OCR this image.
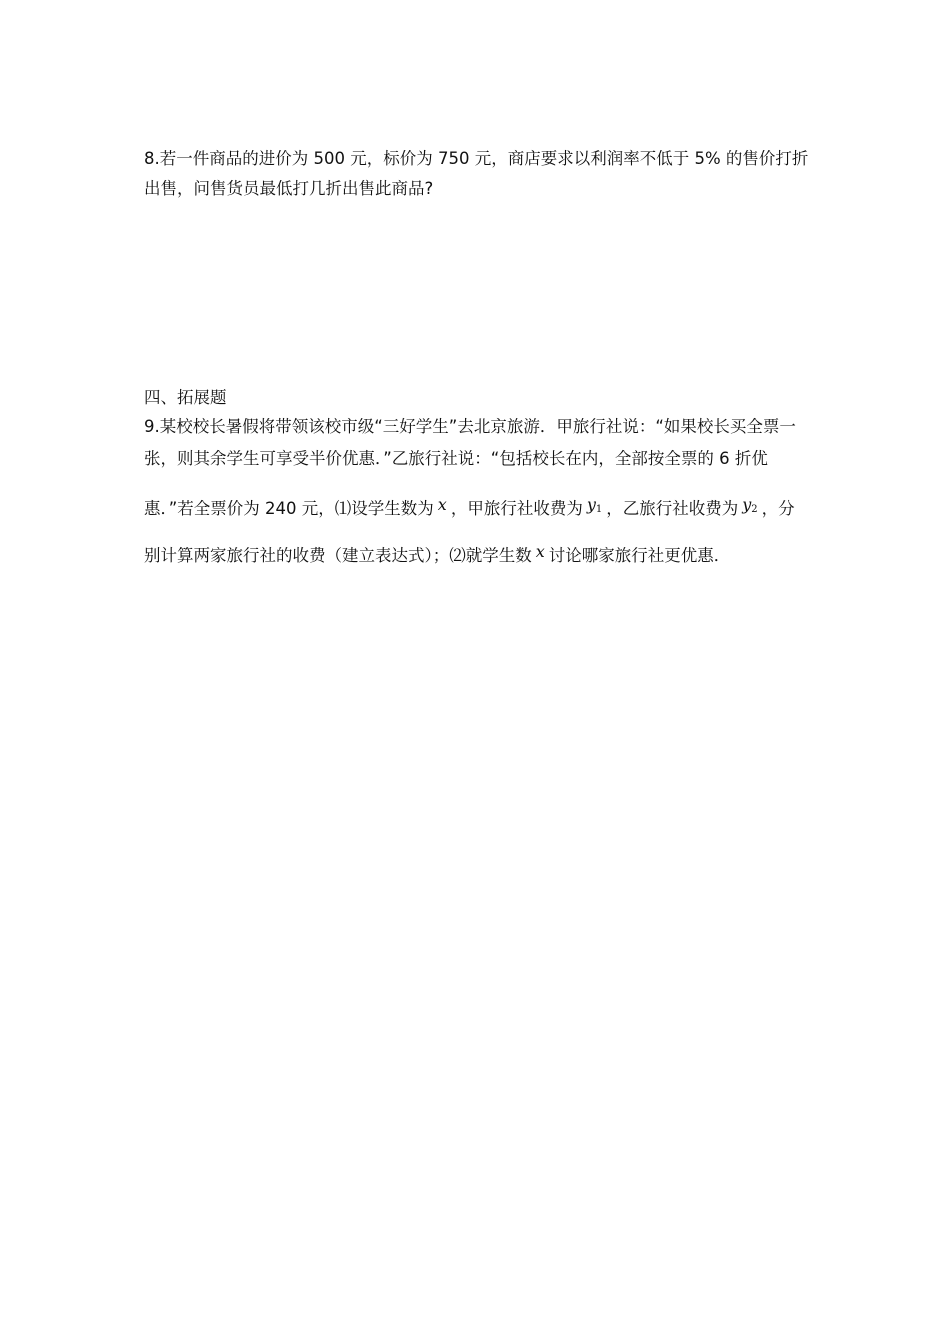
8.若一件商品的进价为 500 元，标价为 750 元，商店要求以利润率不低于 5% 的售价打折
出售，问售货员最低打几折出售此商品?
四、拓展题
9.某校校长暑假将带领该校市级“三好学生”去北京旅游．甲旅行社说：“如果校长买全票一
张，则其余学生可享受半价优惠．”乙旅行社说：“包括校长在内，全部按全票的 6 折优
惠．”若全票价为 240 元，⑴设学生数为 x ，甲旅行社收费为 $y_1$ ，乙旅行社收费为 $y_2$ ，分
别计算两家旅行社的收费（建立表达式）；⑵就学生数 x 讨论哪家旅行社更优惠．
